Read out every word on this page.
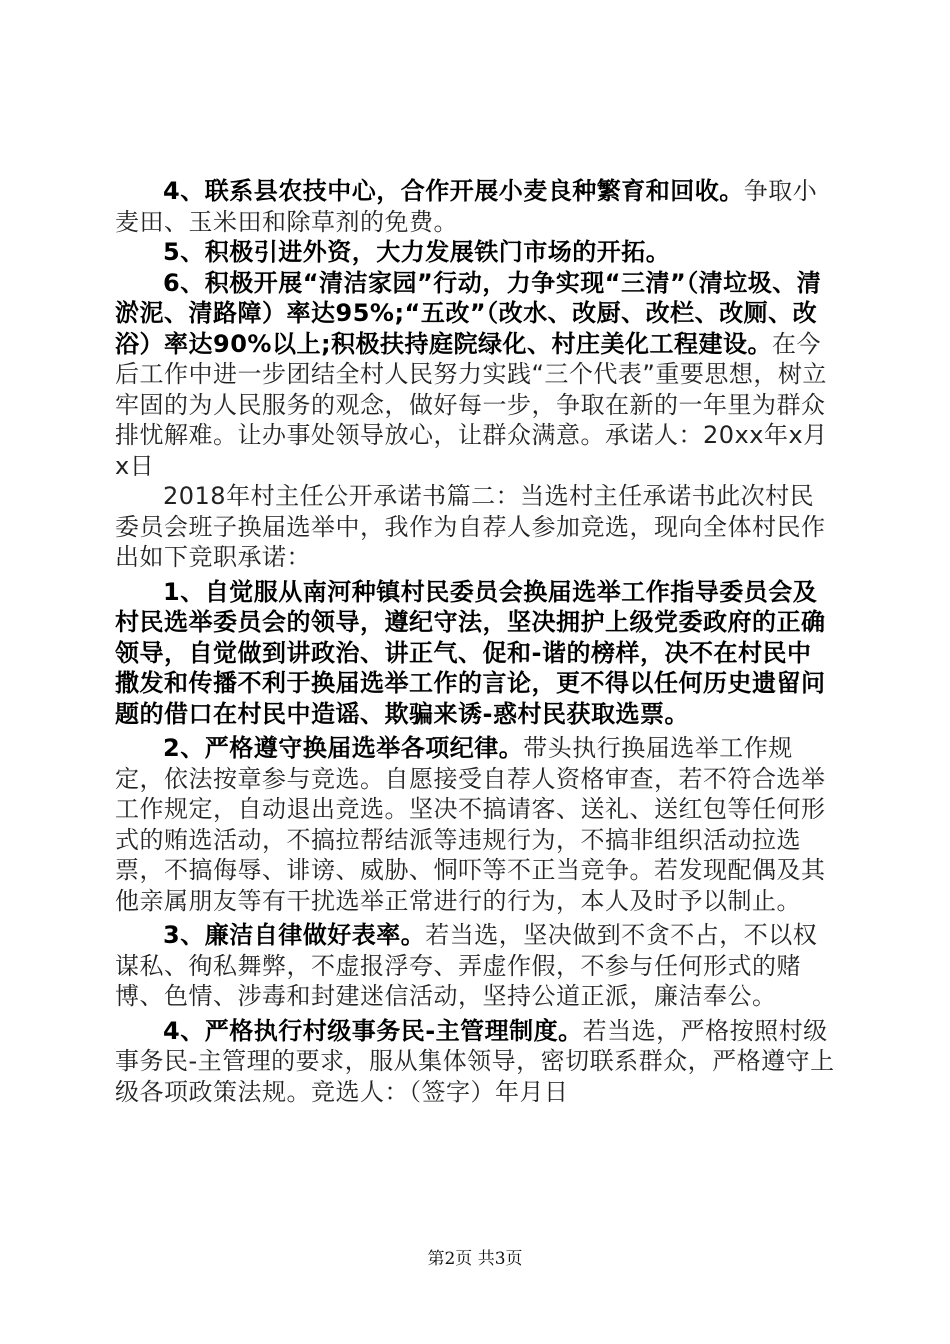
4、联系县农技中心，合作开展小麦良种繁育和回收。争取小麦田、玉米田和除草剂的免费。

5、积极引进外资，大力发展铁门市场的开拓。

6、积极开展“清洁家园”行动，力争实现“三清”（清垃圾、清淤泥、清路障）率达95%;“五改”（改水、改厨、改栏、改厕、改浴）率达90%以上;积极扶持庭院绿化、村庄美化工程建设。在今后工作中进一步团结全村人民努力实践“三个代表”重要思想，树立牢固的为人民服务的观念，做好每一步，争取在新的一年里为群众排忧解难。让办事处领导放心，让群众满意。承诺人：20xx年x月x日

2018年村主任公开承诺书篇二：当选村主任承诺书此次村民委员会班子换届选举中，我作为自荐人参加竞选，现向全体村民作出如下竞职承诺：

1、自觉服从南河种镇村民委员会换届选举工作指导委员会及村民选举委员会的领导，遵纪守法，坚决拥护上级党委政府的正确领导，自觉做到讲政治、讲正气、促和-谐的榜样，决不在村民中撒发和传播不利于换届选举工作的言论，更不得以任何历史遗留问题的借口在村民中造谣、欺骗来诱-惑村民获取选票。

2、严格遵守换届选举各项纪律。带头执行换届选举工作规定，依法按章参与竞选。自愿接受自荐人资格审查，若不符合选举工作规定，自动退出竞选。坚决不搞请客、送礼、送红包等任何形式的贿选活动，不搞拉帮结派等违规行为，不搞非组织活动拉选票，不搞侮辱、诽谤、威胁、恫吓等不正当竞争。若发现配偶及其他亲属朋友等有干扰选举正常进行的行为，本人及时予以制止。

3、廉洁自律做好表率。若当选，坚决做到不贪不占，不以权谋私、徇私舞弊，不虚报浮夸、弄虚作假，不参与任何形式的赌博、色情、涉毒和封建迷信活动，坚持公道正派，廉洁奉公。

4、严格执行村级事务民-主管理制度。若当选，严格按照村级事务民-主管理的要求，服从集体领导，密切联系群众，严格遵守上级各项政策法规。竞选人：（签字）年月日

第2页 共3页
